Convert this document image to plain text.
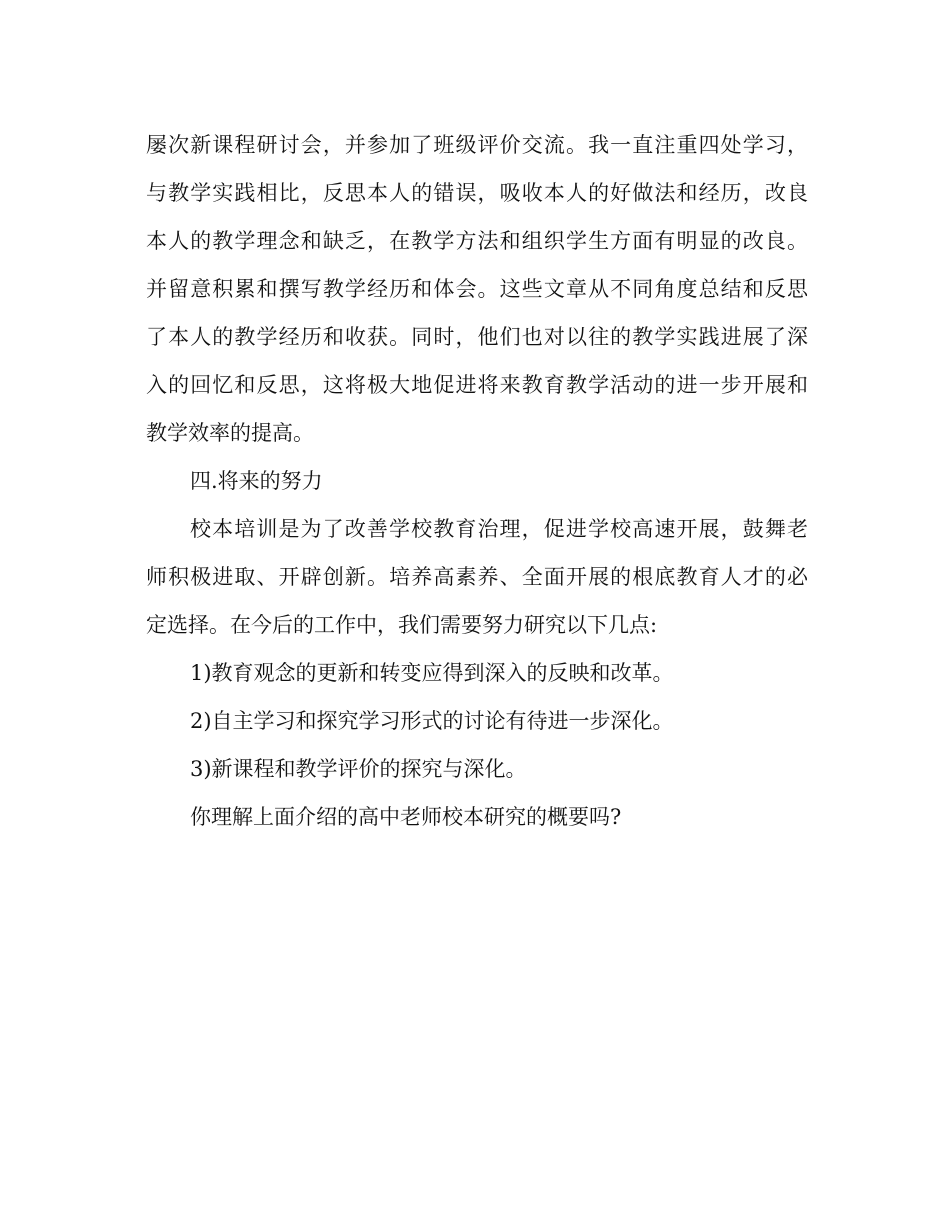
屡次新课程研讨会，并参加了班级评价交流。我一直注重四处学习，
与教学实践相比，反思本人的错误，吸收本人的好做法和经历，改良
本人的教学理念和缺乏，在教学方法和组织学生方面有明显的改良。
并留意积累和撰写教学经历和体会。这些文章从不同角度总结和反思
了本人的教学经历和收获。同时，他们也对以往的教学实践进展了深
入的回忆和反思，这将极大地促进将来教育教学活动的进一步开展和
教学效率的提高。

四.将来的努力

校本培训是为了改善学校教育治理，促进学校高速开展，鼓舞老
师积极进取、开辟创新。培养高素养、全面开展的根底教育人才的必
定选择。在今后的工作中，我们需要努力研究以下几点:

1)教育观念的更新和转变应得到深入的反映和改革。

2)自主学习和探究学习形式的讨论有待进一步深化。

3)新课程和教学评价的探究与深化。

你理解上面介绍的高中老师校本研究的概要吗?
